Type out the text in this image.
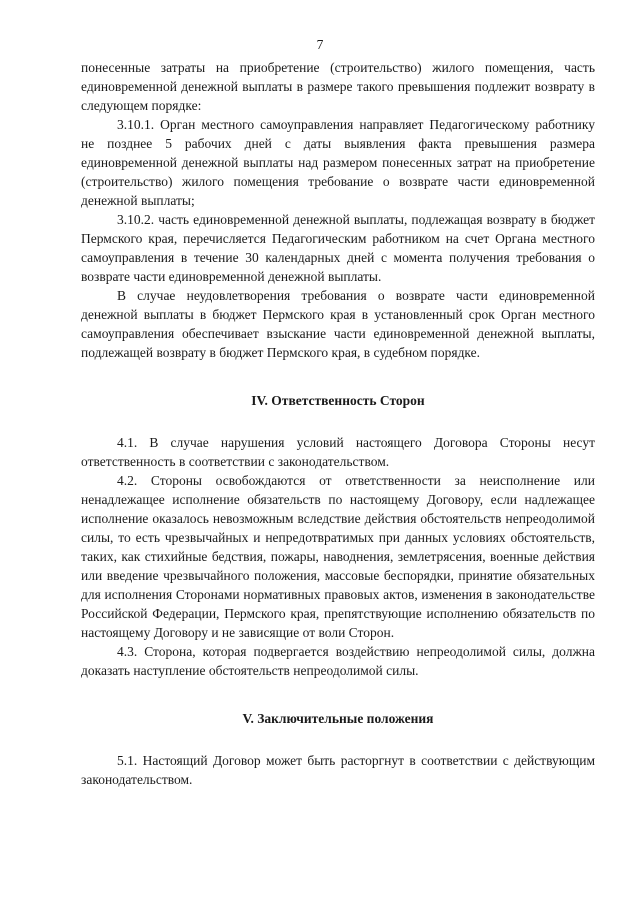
7

понесенные затраты на приобретение (строительство) жилого помещения, часть единовременной денежной выплаты в размере такого превышения подлежит возврату в следующем порядке:

3.10.1. Орган местного самоуправления направляет Педагогическому работнику не позднее 5 рабочих дней с даты выявления факта превышения размера единовременной денежной выплаты над размером понесенных затрат на приобретение (строительство) жилого помещения требование о возврате части единовременной денежной выплаты;

3.10.2. часть единовременной денежной выплаты, подлежащая возврату в бюджет Пермского края, перечисляется Педагогическим работником на счет Органа местного самоуправления в течение 30 календарных дней с момента получения требования о возврате части единовременной денежной выплаты.

В случае неудовлетворения требования о возврате части единовременной денежной выплаты в бюджет Пермского края в установленный срок Орган местного самоуправления обеспечивает взыскание части единовременной денежной выплаты, подлежащей возврату в бюджет Пермского края, в судебном порядке.

IV. Ответственность Сторон

4.1. В случае нарушения условий настоящего Договора Стороны несут ответственность в соответствии с законодательством.

4.2. Стороны освобождаются от ответственности за неисполнение или ненадлежащее исполнение обязательств по настоящему Договору, если надлежащее исполнение оказалось невозможным вследствие действия обстоятельств непреодолимой силы, то есть чрезвычайных и непредотвратимых при данных условиях обстоятельств, таких, как стихийные бедствия, пожары, наводнения, землетрясения, военные действия или введение чрезвычайного положения, массовые беспорядки, принятие обязательных для исполнения Сторонами нормативных правовых актов, изменения в законодательстве Российской Федерации, Пермского края, препятствующие исполнению обязательств по настоящему Договору и не зависящие от воли Сторон.

4.3. Сторона, которая подвергается воздействию непреодолимой силы, должна доказать наступление обстоятельств непреодолимой силы.

V. Заключительные положения

5.1. Настоящий Договор может быть расторгнут в соответствии с действующим законодательством.
